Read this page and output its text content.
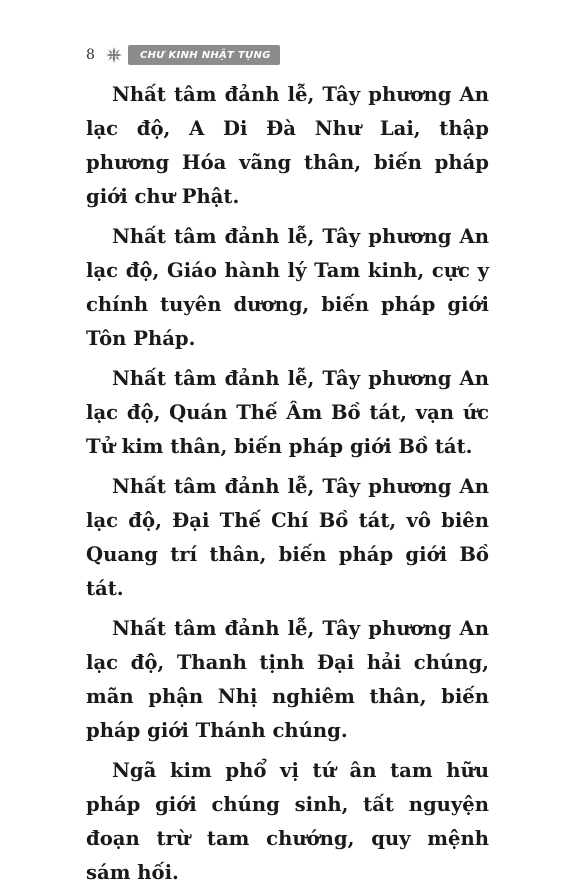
8	CHƯ KINH NHẬT TỤNG

Nhất tâm đảnh lễ, Tây phương An lạc độ, A Di Đà Như Lai, thập phương Hóa vãng thân, biến pháp giới chư Phật.

Nhất tâm đảnh lễ, Tây phương An lạc độ, Giáo hành lý Tam kinh, cực y chính tuyên dương, biến pháp giới Tôn Pháp.

Nhất tâm đảnh lễ, Tây phương An lạc độ, Quán Thế Âm Bồ tát, vạn ức Tử kim thân, biến pháp giới Bồ tát.

Nhất tâm đảnh lễ, Tây phương An lạc độ, Đại Thế Chí Bồ tát, vô biên Quang trí thân, biến pháp giới Bồ tát.

Nhất tâm đảnh lễ, Tây phương An lạc độ, Thanh tịnh Đại hải chúng, mãn phận Nhị nghiêm thân, biến pháp giới Thánh chúng.

Ngã kim phổ vị tứ ân tam hữu pháp giới chúng sinh, tất nguyện đoạn trừ tam chướng, quy mệnh sám hối.
